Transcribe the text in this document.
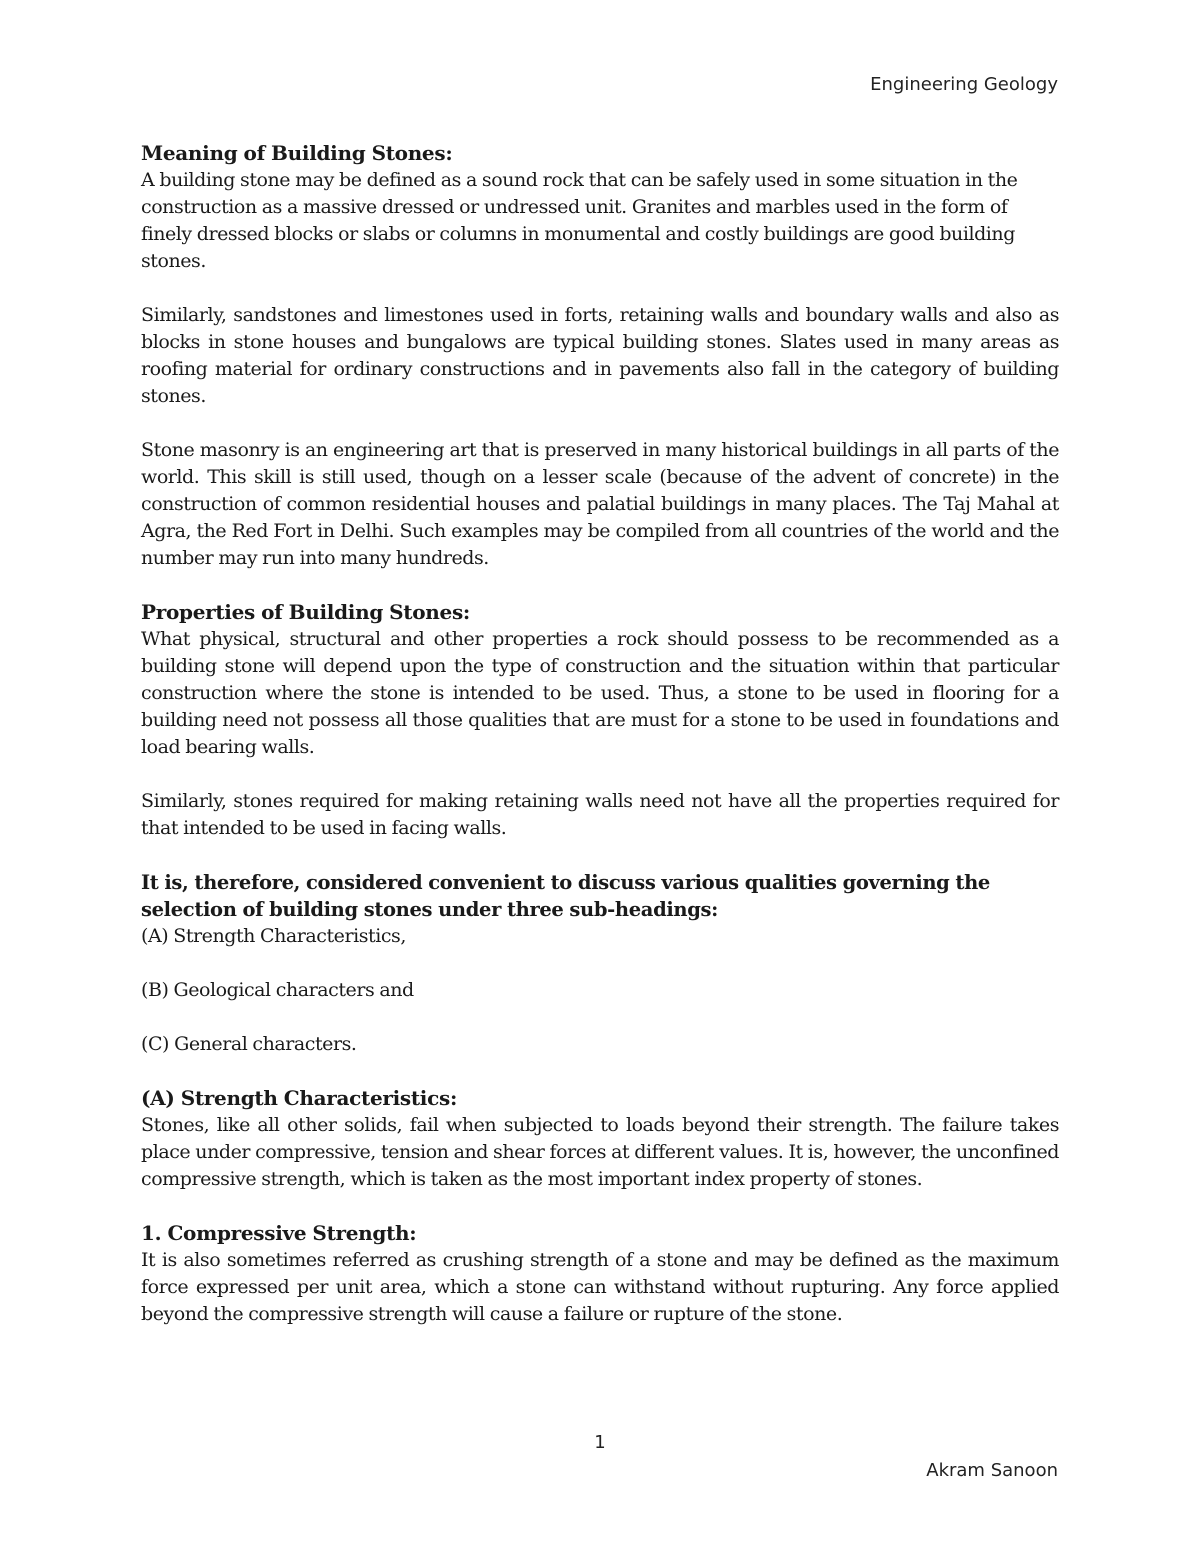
Engineering Geology
Meaning of Building Stones:

A building stone may be defined as a sound rock that can be safely used in some situation in the construction as a massive dressed or undressed unit. Granites and marbles used in the form of finely dressed blocks or slabs or columns in monumental and costly buildings are good building stones.

Similarly, sandstones and limestones used in forts, retaining walls and boundary walls and also as blocks in stone houses and bungalows are typical building stones. Slates used in many areas as roofing material for ordinary constructions and in pavements also fall in the category of building stones.

Stone masonry is an engineering art that is preserved in many historical buildings in all parts of the world. This skill is still used, though on a lesser scale (because of the advent of concrete) in the construction of common residential houses and palatial buildings in many places. The Taj Mahal at Agra, the Red Fort in Delhi. Such examples may be compiled from all countries of the world and the number may run into many hundreds.

Properties of Building Stones:

What physical, structural and other properties a rock should possess to be recommended as a building stone will depend upon the type of construction and the situation within that particular construction where the stone is intended to be used. Thus, a stone to be used in flooring for a building need not possess all those qualities that are must for a stone to be used in foundations and load bearing walls.

Similarly, stones required for making retaining walls need not have all the properties required for that intended to be used in facing walls.

It is, therefore, considered convenient to discuss various qualities governing the selection of building stones under three sub-headings:

(A) Strength Characteristics,

(B) Geological characters and

(C) General characters.

(A) Strength Characteristics:

Stones, like all other solids, fail when subjected to loads beyond their strength. The failure takes place under compressive, tension and shear forces at different values. It is, however, the unconfined compressive strength, which is taken as the most important index property of stones.

1. Compressive Strength:

It is also sometimes referred as crushing strength of a stone and may be defined as the maximum force expressed per unit area, which a stone can withstand without rupturing. Any force applied beyond the compressive strength will cause a failure or rupture of the stone.

1
Akram Sanoon
